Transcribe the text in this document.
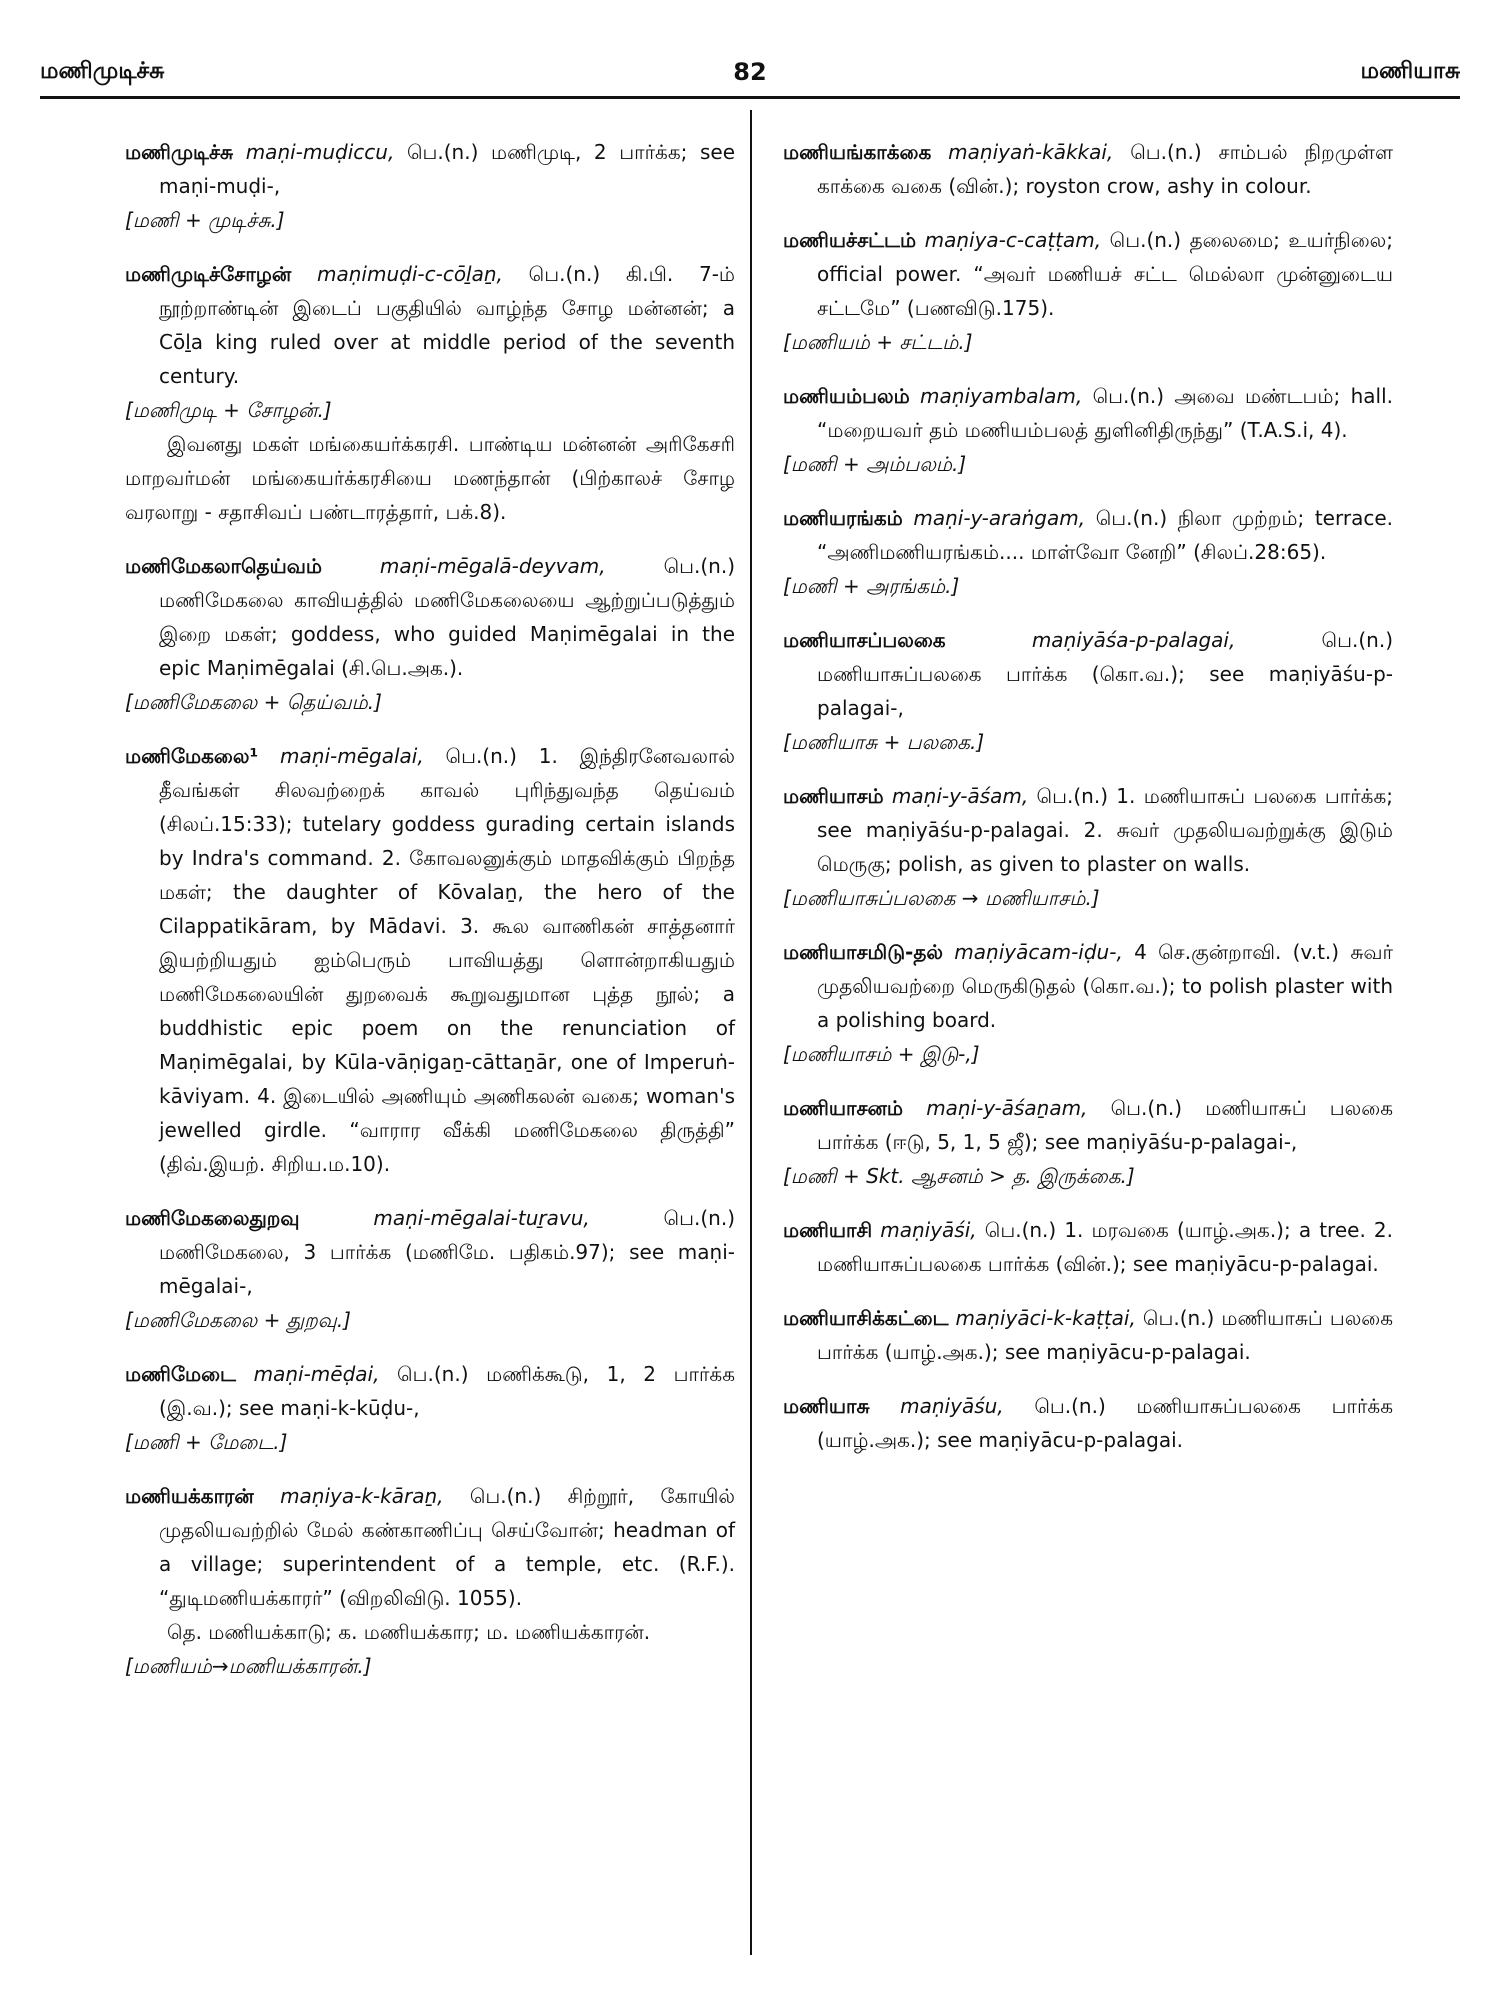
மணிமுடிச்சு	82	மணியாசு

மணிமுடிச்சு maṇi-muḍiccu, பெ.(n.) மணிமுடி, 2 பார்க்க; see maṇi-muḍi-,

[மணி + முடிச்சு.]

மணிமுடிச்சோழன் maṇimuḍi-c-cōḻaṉ, பெ.(n.) கி.பி. 7-ம் நூற்றாண்டின் இடைப் பகுதியில் வாழ்ந்த சோழ மன்னன்; a Cōḻa king ruled over at middle period of the seventh century.

[மணிமுடி + சோழன்.]

இவனது மகள் மங்கையர்க்கரசி. பாண்டிய மன்னன் அரிகேசரி மாறவர்மன் மங்கையர்க்கரசியை மணந்தான் (பிற்காலச் சோழ வரலாறு - சதாசிவப் பண்டாரத்தார், பக்.8).

மணிமேகலாதெய்வம்	maṇi-mēgalā-deyvam,	பெ.(n.) மணிமேகலை காவியத்தில் மணிமேகலையை ஆற்றுப்படுத்தும் இறை மகள்; goddess, who guided Maṇimēgalai in the epic Maṇimēgalai (சி.பெ.அக.).

[மணிமேகலை + தெய்வம்.]

மணிமேகலை¹ maṇi-mēgalai, பெ.(n.) 1. இந்திரனேவலால் தீவங்கள் சிலவற்றைக் காவல் புரிந்துவந்த தெய்வம் (சிலப்.15:33); tutelary goddess gurading certain islands by Indra's command. 2. கோவலனுக்கும் மாதவிக்கும் பிறந்த மகள்; the daughter of Kōvalaṉ, the hero of the Cilappatikāram, by Mādavi. 3. கூல வாணிகன் சாத்தனார் இயற்றியதும் ஐம்பெரும் பாவியத்து ளொன்றாகியதும் மணிமேகலையின் துறவைக் கூறுவதுமான புத்த நூல்; a buddhistic epic poem on the renunciation of Maṇimēgalai, by Kūla-vāṇigaṉ-cāttaṉār, one of Imperuṅ-kāviyam. 4. இடையில் அணியும் அணிகலன் வகை; woman's jewelled girdle. “வாரார வீக்கி மணிமேகலை திருத்தி” (திவ்.இயற். சிறிய.ம.10).

மணிமேகலைதுறவு	maṇi-mēgalai-tuṟavu,	பெ.(n.) மணிமேகலை, 3 பார்க்க (மணிமே. பதிகம்.97); see maṇi-mēgalai-,

[மணிமேகலை + துறவு.]

மணிமேடை maṇi-mēḍai, பெ.(n.) மணிக்கூடு, 1, 2 பார்க்க (இ.வ.); see maṇi-k-kūḍu-,

[மணி + மேடை.]

மணியக்காரன் maṇiya-k-kāraṉ, பெ.(n.) சிற்றூர், கோயில் முதலியவற்றில் மேல் கண்காணிப்பு செய்வோன்; headman of a village; superintendent of a temple, etc. (R.F.). “துடிமணியக்காரர்” (விறலிவிடு. 1055).

தெ. மணியக்காடு; க. மணியக்கார; ம. மணியக்காரன்.

[மணியம்→மணியக்காரன்.]

மணியங்காக்கை maṇiyaṅ-kākkai, பெ.(n.) சாம்பல் நிறமுள்ள காக்கை வகை (வின்.); royston crow, ashy in colour.

மணியச்சட்டம் maṇiya-c-caṭṭam, பெ.(n.) தலைமை; உயர்நிலை; official power. “அவர் மணியச் சட்ட மெல்லா முன்னுடைய சட்டமே” (பணவிடு.175).

[மணியம் + சட்டம்.]

மணியம்பலம் maṇiyambalam, பெ.(n.) அவை மண்டபம்; hall. “மறையவர் தம் மணியம்பலத் துளினிதிருந்து” (T.A.S.i, 4).

[மணி + அம்பலம்.]

மணியரங்கம் maṇi-y-araṅgam, பெ.(n.) நிலா முற்றம்; terrace. “அணிமணியரங்கம்.... மாள்வோ னேறி” (சிலப்.28:65).

[மணி + அரங்கம்.]

மணியாசப்பலகை	maṇiyāśa-p-palagai,	பெ.(n.) மணியாசுப்பலகை பார்க்க (கொ.வ.); see maṇiyāśu-p-palagai-,

[மணியாசு + பலகை.]

மணியாசம் maṇi-y-āśam, பெ.(n.) 1. மணியாசுப் பலகை பார்க்க; see maṇiyāśu-p-palagai. 2. சுவர் முதலியவற்றுக்கு இடும் மெருகு; polish, as given to plaster on walls.

[மணியாசுப்பலகை → மணியாசம்.]

மணியாசமிடு-தல் maṇiyācam-iḍu-, 4 செ.குன்றாவி. (v.t.) சுவர் முதலியவற்றை மெருகிடுதல் (கொ.வ.); to polish plaster with a polishing board.

[மணியாசம் + இடு-,]

மணியாசனம் maṇi-y-āśaṉam, பெ.(n.) மணியாசுப் பலகை பார்க்க (ஈடு, 5, 1, 5 ஜீ); see maṇiyāśu-p-palagai-,

[மணி + Skt. ஆசனம் > த. இருக்கை.]

மணியாசி maṇiyāśi, பெ.(n.) 1. மரவகை (யாழ்.அக.); a tree. 2. மணியாசுப்பலகை பார்க்க (வின்.); see maṇiyācu-p-palagai.

மணியாசிக்கட்டை maṇiyāci-k-kaṭṭai, பெ.(n.) மணியாசுப் பலகை பார்க்க (யாழ்.அக.); see maṇiyācu-p-palagai.

மணியாசு maṇiyāśu, பெ.(n.) மணியாசுப்பலகை பார்க்க (யாழ்.அக.); see maṇiyācu-p-palagai.
